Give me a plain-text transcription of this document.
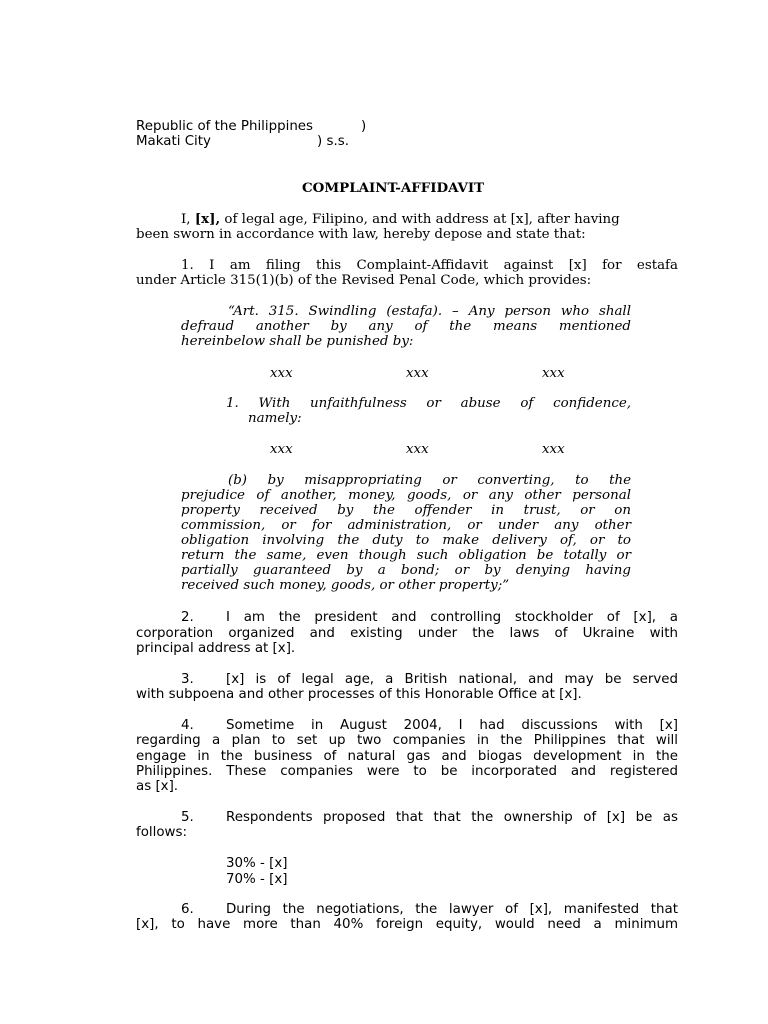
Republic of the Philippines	)
Makati City	) s.s.
COMPLAINT-AFFIDAVIT
I, [x], of legal age, Filipino, and with address at [x], after having
been sworn in accordance with law, hereby depose and state that:
1. I am filing this Complaint-Affidavit against [x] for estafa
under Article 315(1)(b) of the Revised Penal Code, which provides:
“Art. 315. Swindling (estafa). – Any person who shall
defraud another by any of the means mentioned
hereinbelow shall be punished by:
xxx	xxx	xxx
1. With unfaithfulness or abuse of confidence,
namely:
xxx	xxx	xxx
(b) by misappropriating or converting, to the
prejudice of another, money, goods, or any other personal
property received by the offender in trust, or on
commission, or for administration, or under any other
obligation involving the duty to make delivery of, or to
return the same, even though such obligation be totally or
partially guaranteed by a bond; or by denying having
received such money, goods, or other property;”
2. I am the president and controlling stockholder of [x], a
corporation organized and existing under the laws of Ukraine with
principal address at [x].
3. [x] is of legal age, a British national, and may be served
with subpoena and other processes of this Honorable Office at [x].
4. Sometime in August 2004, I had discussions with [x]
regarding a plan to set up two companies in the Philippines that will
engage in the business of natural gas and biogas development in the
Philippines. These companies were to be incorporated and registered
as [x].
5. Respondents proposed that that the ownership of [x] be as
follows:
30% - [x]
70% - [x]
6. During the negotiations, the lawyer of [x], manifested that
[x], to have more than 40% foreign equity, would need a minimum
